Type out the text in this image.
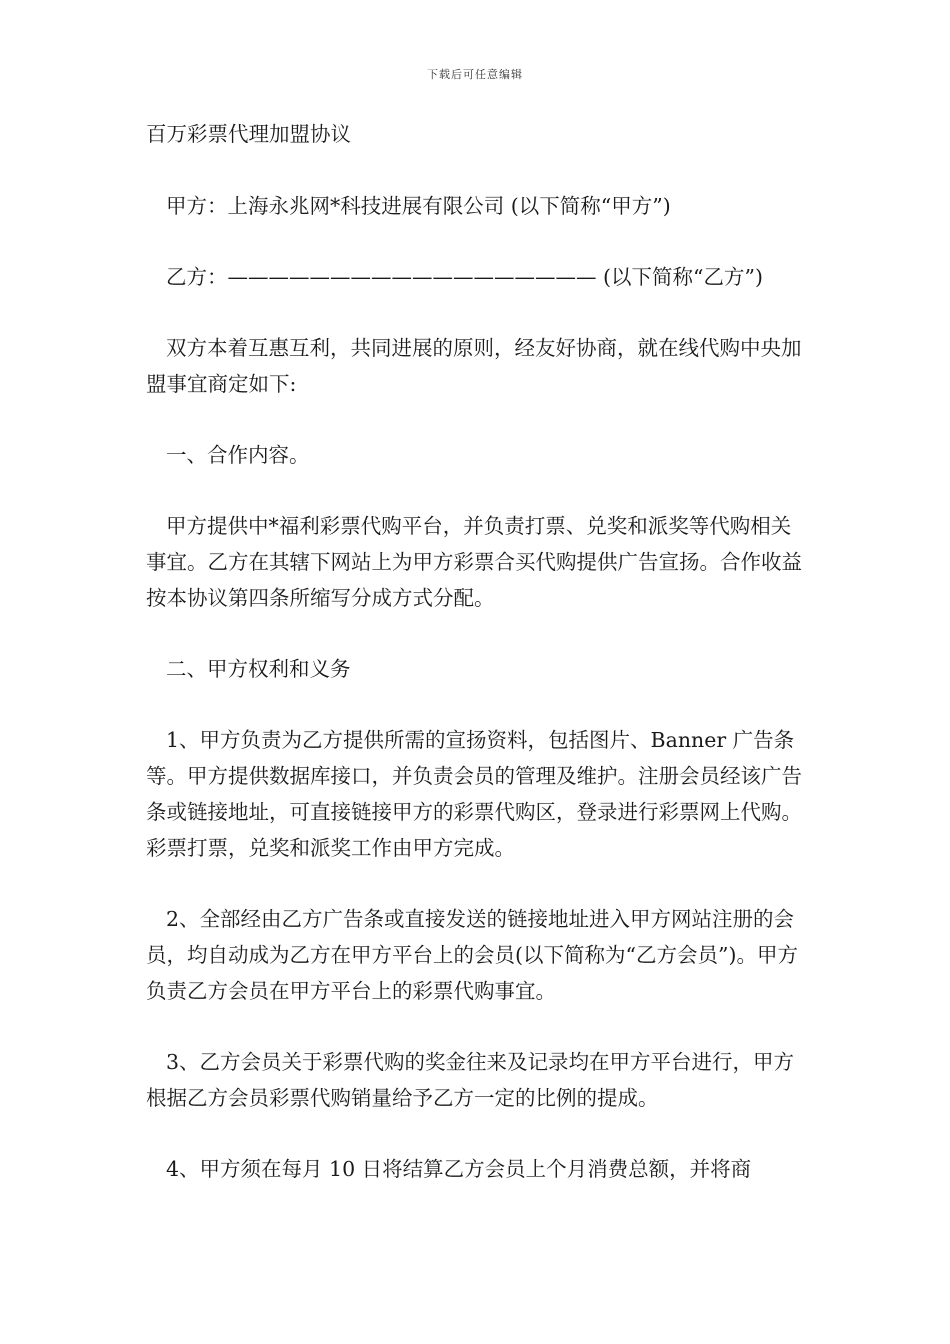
下载后可任意编辑

百万彩票代理加盟协议

甲方：上海永兆网*科技进展有限公司 (以下简称“甲方”)

乙方：—————————————————— (以下简称“乙方”)

双方本着互惠互利，共同进展的原则，经友好协商，就在线代购中央加盟事宜商定如下:

一、合作内容。

甲方提供中*福利彩票代购平台，并负责打票、兑奖和派奖等代购相关事宜。乙方在其辖下网站上为甲方彩票合买代购提供广告宣扬。合作收益按本协议第四条所缩写分成方式分配。

二、甲方权利和义务

1、甲方负责为乙方提供所需的宣扬资料，包括图片、Banner 广告条等。甲方提供数据库接口，并负责会员的管理及维护。注册会员经该广告条或链接地址，可直接链接甲方的彩票代购区，登录进行彩票网上代购。彩票打票，兑奖和派奖工作由甲方完成。

2、全部经由乙方广告条或直接发送的链接地址进入甲方网站注册的会员，均自动成为乙方在甲方平台上的会员(以下简称为“乙方会员”)。甲方负责乙方会员在甲方平台上的彩票代购事宜。

3、乙方会员关于彩票代购的奖金往来及记录均在甲方平台进行，甲方根据乙方会员彩票代购销量给予乙方一定的比例的提成。

4、甲方须在每月 10 日将结算乙方会员上个月消费总额，并将商
